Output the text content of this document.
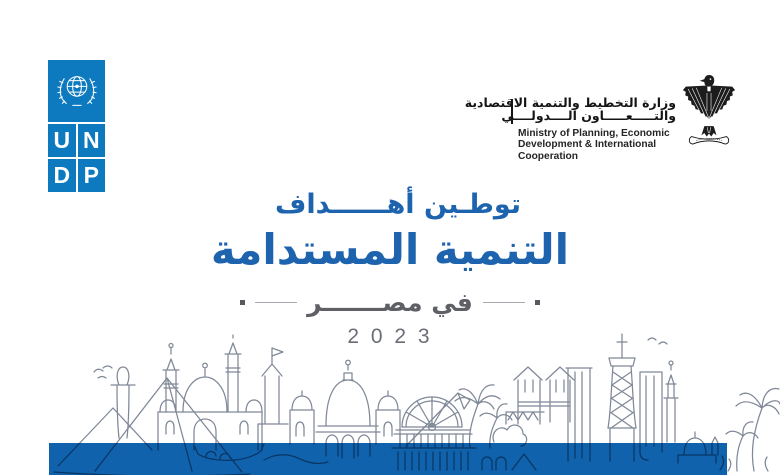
U N
D P
وزارة التخطيط والتنمية الاقتصادية
والتـــــعـــــاون الــــدولــــي
Ministry of Planning, Economic
Development & International
Cooperation
توطـين أهــــــداف
التنمية المستدامة
في مصـــــــر
2 0 2 3
